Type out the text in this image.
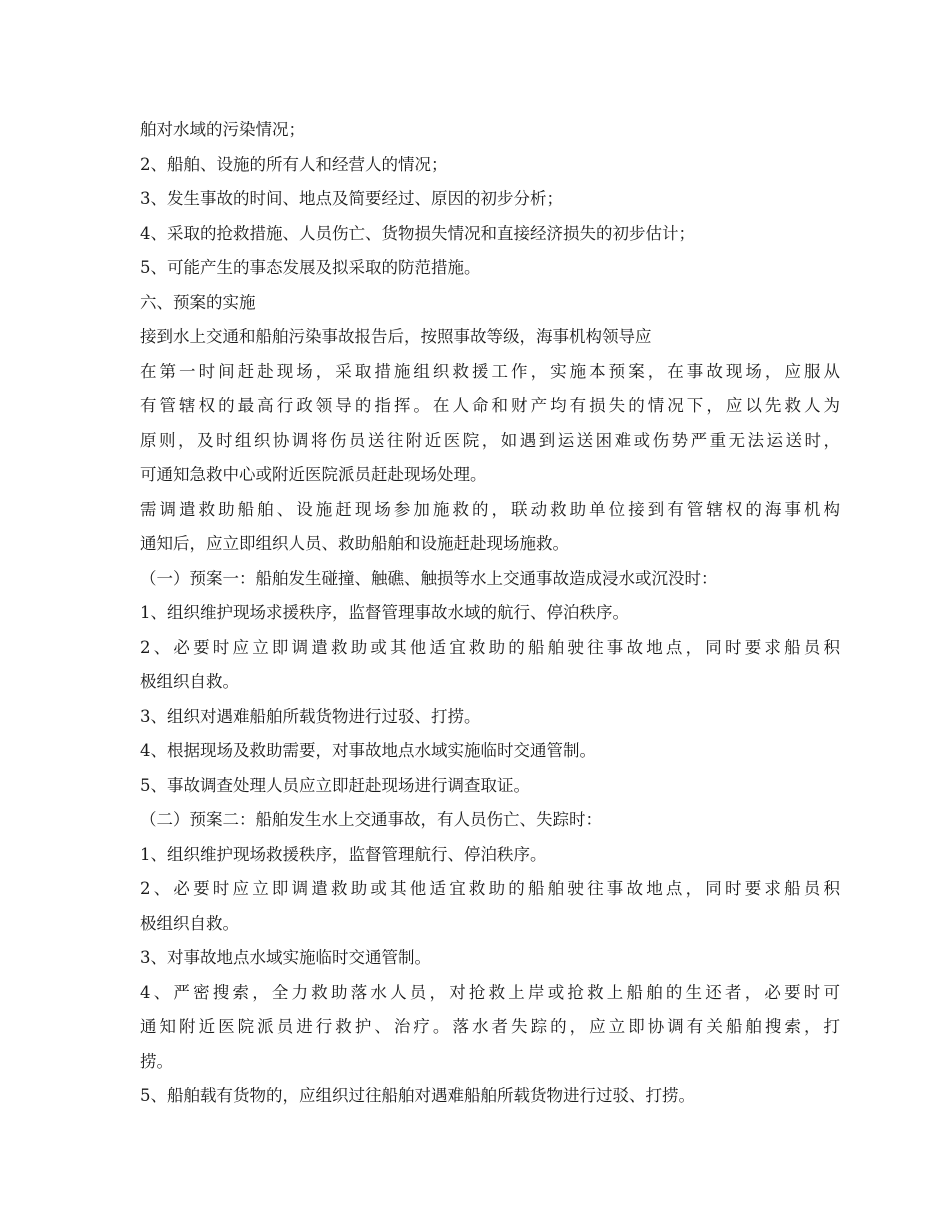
舶对水域的污染情况；
2、船舶、设施的所有人和经营人的情况；
3、发生事故的时间、地点及简要经过、原因的初步分析；
4、采取的抢救措施、人员伤亡、货物损失情况和直接经济损失的初步估计；
5、可能产生的事态发展及拟采取的防范措施。
六、预案的实施
接到水上交通和船舶污染事故报告后，按照事故等级，海事机构领导应
在第一时间赶赴现场，采取措施组织救援工作，实施本预案，在事故现场，应服从
有管辖权的最高行政领导的指挥。在人命和财产均有损失的情况下，应以先救人为
原则，及时组织协调将伤员送往附近医院，如遇到运送困难或伤势严重无法运送时，
可通知急救中心或附近医院派员赶赴现场处理。
需调遣救助船舶、设施赶现场参加施救的，联动救助单位接到有管辖权的海事机构
通知后，应立即组织人员、救助船舶和设施赶赴现场施救。
（一）预案一：船舶发生碰撞、触礁、触损等水上交通事故造成浸水或沉没时：
1、组织维护现场求援秩序，监督管理事故水域的航行、停泊秩序。
2、必要时应立即调遣救助或其他适宜救助的船舶驶往事故地点，同时要求船员积
极组织自救。
3、组织对遇难船舶所载货物进行过驳、打捞。
4、根据现场及救助需要，对事故地点水域实施临时交通管制。
5、事故调查处理人员应立即赶赴现场进行调查取证。
（二）预案二：船舶发生水上交通事故，有人员伤亡、失踪时：
1、组织维护现场救援秩序，监督管理航行、停泊秩序。
2、必要时应立即调遣救助或其他适宜救助的船舶驶往事故地点，同时要求船员积
极组织自救。
3、对事故地点水域实施临时交通管制。
4、严密搜索，全力救助落水人员，对抢救上岸或抢救上船舶的生还者，必要时可
通知附近医院派员进行救护、治疗。落水者失踪的，应立即协调有关船舶搜索，打
捞。
5、船舶载有货物的，应组织过往船舶对遇难船舶所载货物进行过驳、打捞。
